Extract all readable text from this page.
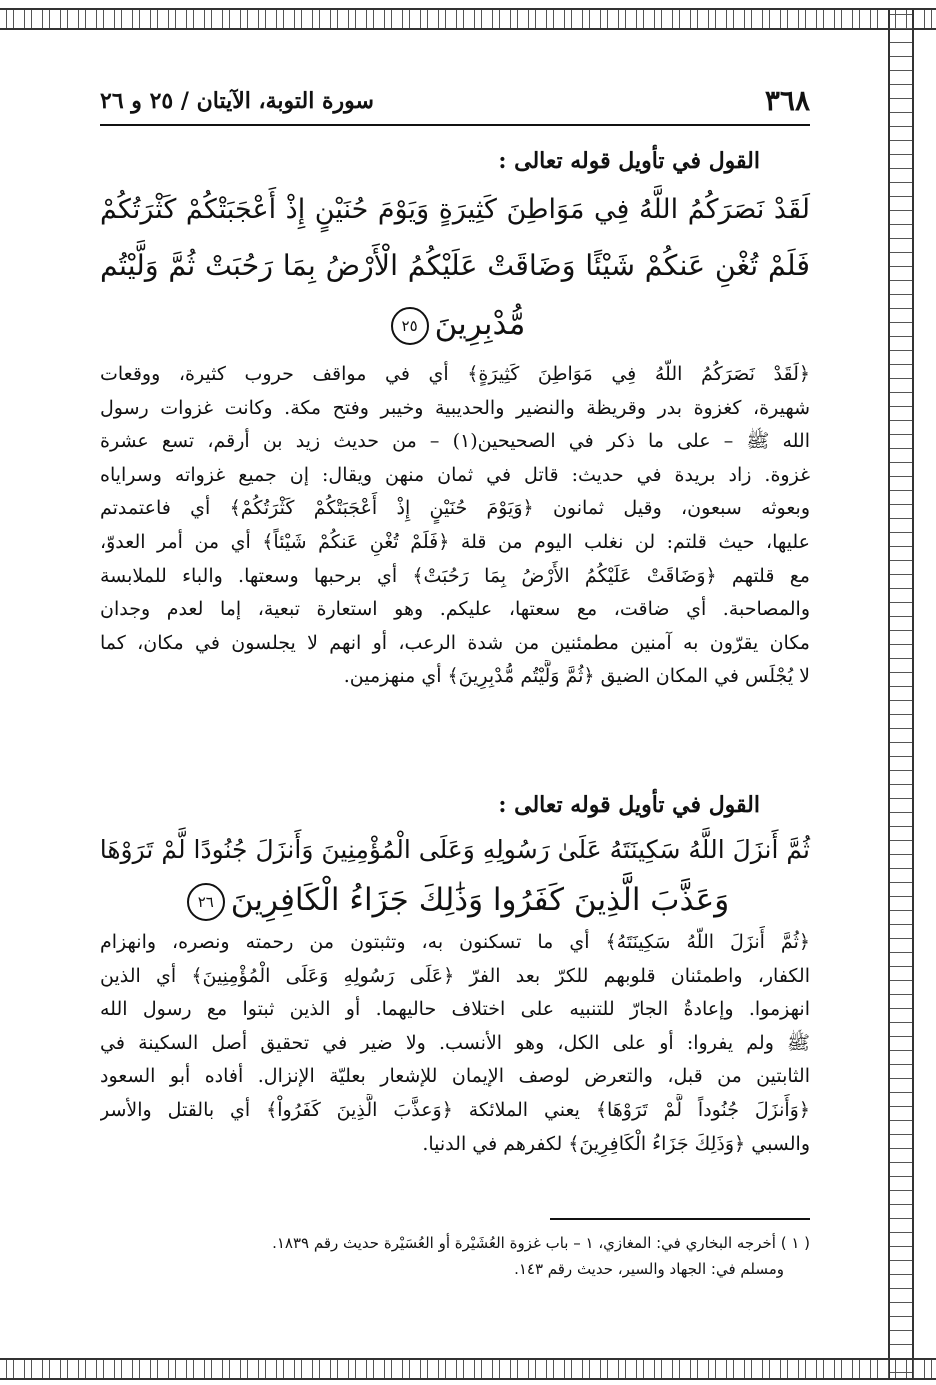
٣٦٨
سورة التوبة، الآيتان / ٢٥ و ٢٦
القول في تأويل قوله تعالى :
لَقَدْ نَصَرَكُمُ اللَّهُ فِي مَوَاطِنَ كَثِيرَةٍ وَيَوْمَ حُنَيْنٍ إِذْ أَعْجَبَتْكُمْ كَثْرَتُكُمْ
فَلَمْ تُغْنِ عَنكُمْ شَيْئًا وَضَاقَتْ عَلَيْكُمُ الْأَرْضُ بِمَا رَحُبَتْ ثُمَّ وَلَّيْتُم
مُّدْبِرِينَ٢٥
﴿لَقَدْ نَصَرَكُمُ اللّهُ فِي مَوَاطِنَ كَثِيرَةٍ﴾ أي في مواقف حروب كثيرة، ووقعات
شهيرة، كغزوة بدر وقريظة والنضير والحديبية وخيبر وفتح مكة. وكانت غزوات رسول
الله ﷺ – على ما ذكر في الصحيحين(١) – من حديث زيد بن أرقم، تسع عشرة
غزوة. زاد بريدة في حديث: قاتل في ثمان منهن ويقال: إن جميع غزواته وسراياه
وبعوثه سبعون، وقيل ثمانون ﴿وَيَوْمَ حُنَيْنٍ إِذْ أَعْجَبَتْكُمْ كَثْرَتُكُمْ﴾ أي فاعتمدتم
عليها، حيث قلتم: لن نغلب اليوم من قلة ﴿فَلَمْ تُغْنِ عَنكُمْ شَيْئاً﴾ أي من أمر العدوّ،
مع قلتهم ﴿وَضَاقَتْ عَلَيْكُمُ الأَرْضُ بِمَا رَحُبَتْ﴾ أي برحبها وسعتها. والباء للملابسة
والمصاحبة. أي ضاقت، مع سعتها، عليكم. وهو استعارة تبعية، إما لعدم وجدان
مكان يقرّون به آمنين مطمئنين من شدة الرعب، أو انهم لا يجلسون في مكان، كما
لا يُجْلَس في المكان الضيق ﴿ثُمَّ وَلَّيْتُم مُّدْبِرِينَ﴾ أي منهزمين.
القول في تأويل قوله تعالى :
ثُمَّ أَنزَلَ اللَّهُ سَكِينَتَهُ عَلَىٰ رَسُولِهِ وَعَلَى الْمُؤْمِنِينَ وَأَنزَلَ جُنُودًا لَّمْ تَرَوْهَا
وَعَذَّبَ الَّذِينَ كَفَرُوا وَذَٰلِكَ جَزَاءُ الْكَافِرِينَ٢٦
﴿ثُمَّ أَنزَلَ اللّهُ سَكِينَتَهُ﴾ أي ما تسكنون به، وتثبتون من رحمته ونصره، وانهزام
الكفار، واطمئنان قلوبهم للكرّ بعد الفرّ ﴿عَلَى رَسُولِهِ وَعَلَى الْمُؤْمِنِينَ﴾ أي الذين
انهزموا. وإعادةُ الجارّ للتنبيه على اختلاف حاليهما. أو الذين ثبتوا مع رسول الله
ﷺ ولم يفروا: أو على الكل، وهو الأنسب. ولا ضير في تحقيق أصل السكينة في
الثابتين من قبل، والتعرض لوصف الإيمان للإشعار بعليّة الإنزال. أفاده أبو السعود
﴿وَأَنزَلَ جُنُوداً لَّمْ تَرَوْهَا﴾ يعني الملائكة ﴿وَعذَّبَ الَّذِينَ كَفَرُواْ﴾ أي بالقتل والأسر
والسبي ﴿وَذَلِكَ جَزَاءُ الْكَافِرِينَ﴾ لكفرهم في الدنيا.
( ١ ) أخرجه البخاري في: المغازي، ١ – باب غزوة العُشَيْرة أو العُسَيْرة حديث رقم ١٨٣٩.
ومسلم في: الجهاد والسير، حديث رقم ١٤٣.
